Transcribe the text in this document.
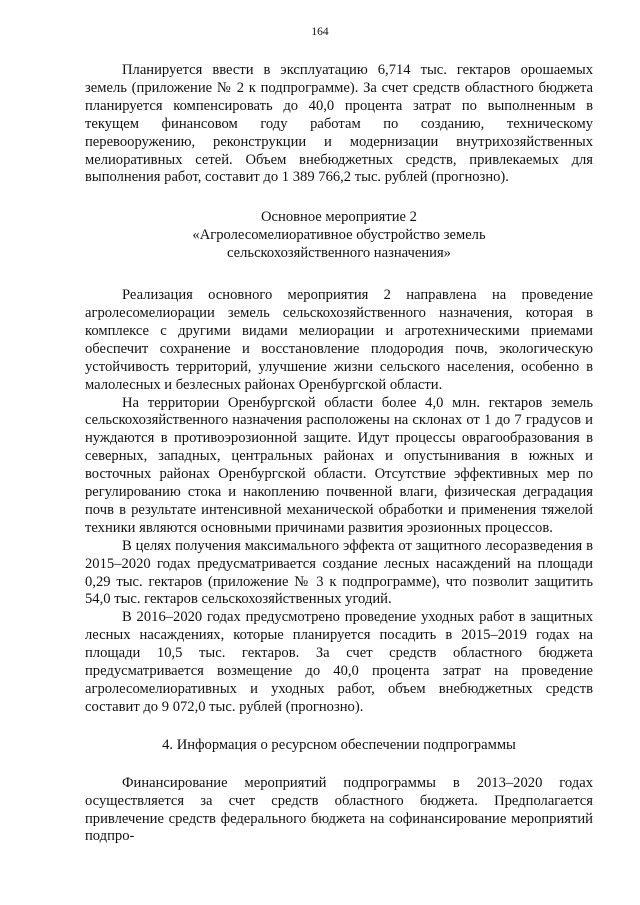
164

Планируется ввести в эксплуатацию 6,714 тыс. гектаров орошаемых земель (приложение № 2 к подпрограмме). За счет средств областного бюджета планируется компенсировать до 40,0 процента затрат по выполненным в текущем финансовом году работам по созданию, техническому перевооружению, реконструкции и модернизации внутрихозяйственных мелиоративных сетей. Объем внебюджетных средств, привлекаемых для выполнения работ, составит до 1 389 766,2 тыс. рублей (прогнозно).

Основное мероприятие 2
«Агролесомелиоративное обустройство земель
сельскохозяйственного назначения»

Реализация основного мероприятия 2 направлена на проведение агролесомелиорации земель сельскохозяйственного назначения, которая в комплексе с другими видами мелиорации и агротехническими приемами обеспечит сохранение и восстановление плодородия почв, экологическую устойчивость территорий, улучшение жизни сельского населения, особенно в малолесных и безлесных районах Оренбургской области.

На территории Оренбургской области более 4,0 млн. гектаров земель сельскохозяйственного назначения расположены на склонах от 1 до 7 градусов и нуждаются в противоэрозионной защите. Идут процессы оврагообразования в северных, западных, центральных районах и опустынивания в южных и восточных районах Оренбургской области. Отсутствие эффективных мер по регулированию стока и накоплению почвенной влаги, физическая деградация почв в результате интенсивной механической обработки и применения тяжелой техники являются основными причинами развития эрозионных процессов.

В целях получения максимального эффекта от защитного лесоразведения в 2015–2020 годах предусматривается создание лесных насаждений на площади 0,29 тыс. гектаров (приложение № 3 к подпрограмме), что позволит защитить 54,0 тыс. гектаров сельскохозяйственных угодий.

В 2016–2020 годах предусмотрено проведение уходных работ в защитных лесных насаждениях, которые планируется посадить в 2015–2019 годах на площади 10,5 тыс. гектаров. За счет средств областного бюджета предусматривается возмещение до 40,0 процента затрат на проведение агролесомелиоративных и уходных работ, объем внебюджетных средств составит до 9 072,0 тыс. рублей (прогнозно).

4. Информация о ресурсном обеспечении подпрограммы

Финансирование мероприятий подпрограммы в 2013–2020 годах осуществляется за счет средств областного бюджета. Предполагается привлечение средств федерального бюджета на софинансирование мероприятий подпро-
